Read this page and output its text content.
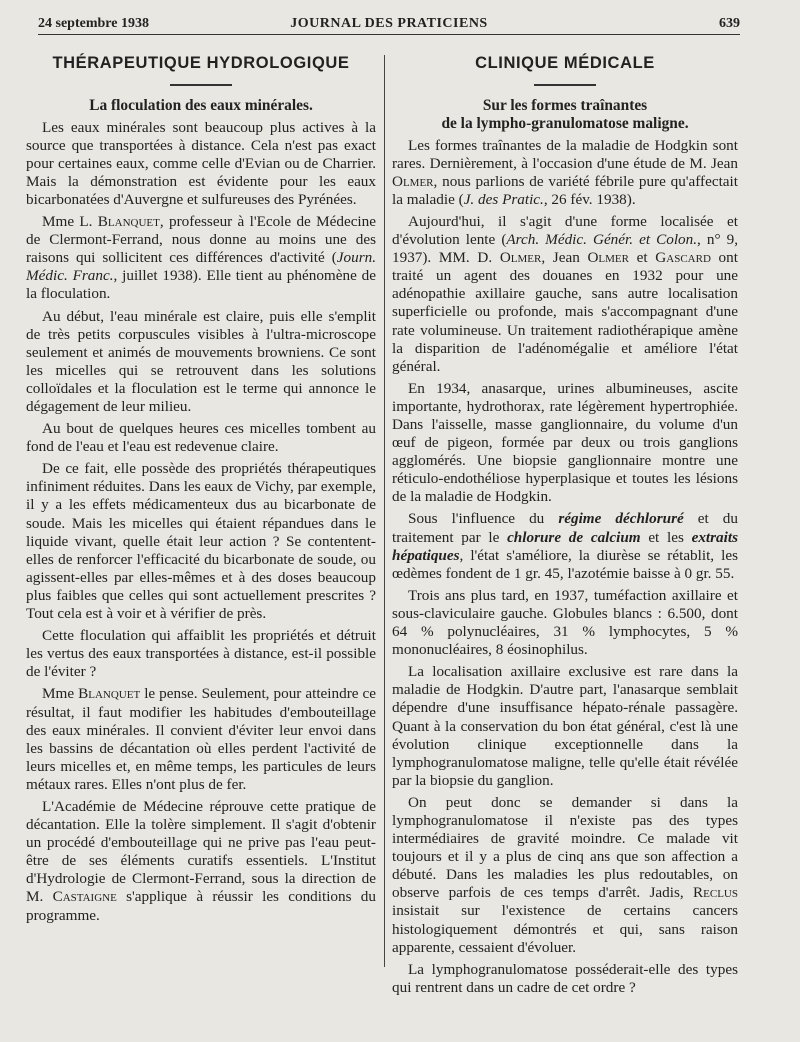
24 septembre 1938	JOURNAL DES PRATICIENS	639
THÉRAPEUTIQUE HYDROLOGIQUE
La floculation des eaux minérales.

Les eaux minérales sont beaucoup plus actives à la source que transportées à distance. Cela n'est pas exact pour certaines eaux, comme celle d'Evian ou de Charrier. Mais la démonstration est évidente pour les eaux bicarbonatées d'Auvergne et sulfureuses des Pyrénées.

Mme L. Blanquet, professeur à l'Ecole de Médecine de Clermont-Ferrand, nous donne au moins une des raisons qui sollicitent ces différences d'activité (Journ. Médic. Franc., juillet 1938). Elle tient au phénomène de la floculation.

Au début, l'eau minérale est claire, puis elle s'emplit de très petits corpuscules visibles à l'ultra-microscope seulement et animés de mouvements browniens. Ce sont les micelles qui se retrouvent dans les solutions colloïdales et la floculation est le terme qui annonce le dégagement de leur milieu.

Au bout de quelques heures ces micelles tombent au fond de l'eau et l'eau est redevenue claire.

De ce fait, elle possède des propriétés thérapeutiques infiniment réduites. Dans les eaux de Vichy, par exemple, il y a les effets médicamenteux dus au bicarbonate de soude. Mais les micelles qui étaient répandues dans le liquide vivant, quelle était leur action ? Se contentent-elles de renforcer l'efficacité du bicarbonate de soude, ou agissent-elles par elles-mêmes et à des doses beaucoup plus faibles que celles qui sont actuellement prescrites ? Tout cela est à voir et à vérifier de près.

Cette floculation qui affaiblit les propriétés et détruit les vertus des eaux transportées à distance, est-il possible de l'éviter ?

Mme Blanquet le pense. Seulement, pour atteindre ce résultat, il faut modifier les habitudes d'embouteillage des eaux minérales. Il convient d'éviter leur envoi dans les bassins de décantation où elles perdent l'activité de leurs micelles et, en même temps, les particules de leurs métaux rares. Elles n'ont plus de fer.

L'Académie de Médecine réprouve cette pratique de décantation. Elle la tolère simplement. Il s'agit d'obtenir un procédé d'embouteillage qui ne prive pas l'eau peut-être de ses éléments curatifs essentiels. L'Institut d'Hydrologie de Clermont-Ferrand, sous la direction de M. Castaigne s'applique à réussir les conditions du programme.

CLINIQUE MÉDICALE
Sur les formes traînantes
de la lympho-granulomatose maligne.

Les formes traînantes de la maladie de Hodgkin sont rares. Dernièrement, à l'occasion d'une étude de M. Jean Olmer, nous parlions de variété fébrile pure qu'affectait la maladie (J. des Pratic., 26 fév. 1938).

Aujourd'hui, il s'agit d'une forme localisée et d'évolution lente (Arch. Médic. Génér. et Colon., n° 9, 1937). MM. D. Olmer, Jean Olmer et Gascard ont traité un agent des douanes en 1932 pour une adénopathie axillaire gauche, sans autre localisation superficielle ou profonde, mais s'accompagnant d'une rate volumineuse. Un traitement radiothérapique amène la disparition de l'adénomégalie et améliore l'état général.

En 1934, anasarque, urines albumineuses, ascite importante, hydrothorax, rate légèrement hypertrophiée. Dans l'aisselle, masse ganglionnaire, du volume d'un œuf de pigeon, formée par deux ou trois ganglions agglomérés. Une biopsie ganglionnaire montre une réticulo-endothéliose hyperplasique et toutes les lésions de la maladie de Hodgkin.

Sous l'influence du régime déchloruré et du traitement par le chlorure de calcium et les extraits hépatiques, l'état s'améliore, la diurèse se rétablit, les œdèmes fondent de 1 gr. 45, l'azotémie baisse à 0 gr. 55.

Trois ans plus tard, en 1937, tuméfaction axillaire et sous-claviculaire gauche. Globules blancs : 6.500, dont 64 % polynucléaires, 31 % lymphocytes, 5 % mononucléaires, 8 éosinophilus.

La localisation axillaire exclusive est rare dans la maladie de Hodgkin. D'autre part, l'anasarque semblait dépendre d'une insuffisance hépato-rénale passagère. Quant à la conservation du bon état général, c'est là une évolution clinique exceptionnelle dans la lymphogranulomatose maligne, telle qu'elle était révélée par la biopsie du ganglion.

On peut donc se demander si dans la lymphogranulomatose il n'existe pas des types intermédiaires de gravité moindre. Ce malade vit toujours et il y a plus de cinq ans que son affection a débuté. Dans les maladies les plus redoutables, on observe parfois de ces temps d'arrêt. Jadis, Reclus insistait sur l'existence de certains cancers histologiquement démontrés et qui, sans raison apparente, cessaient d'évoluer.

La lymphogranulomatose posséderait-elle des types qui rentrent dans un cadre de cet ordre ?
